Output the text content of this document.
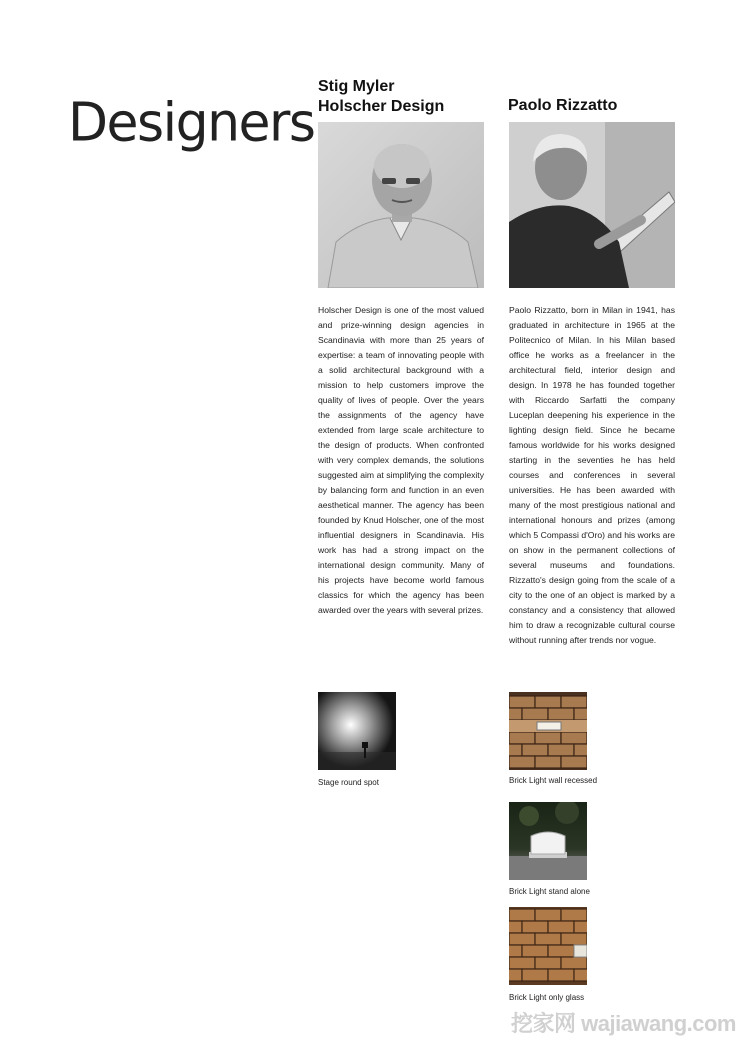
Designers
Stig Myler
Holscher Design

Holscher Design is one of the most valued and prize-winning design agencies in Scandinavia with more than 25 years of expertise: a team of innovating people with a solid architectural background with a mission to help customers improve the quality of lives of people. Over the years the assignments of the agency have extended from large scale architecture to the design of products. When confronted with very complex demands, the solutions suggested aim at simplifying the complexity by balancing form and function in an even aesthetical manner. The agency has been founded by Knud Holscher, one of the most influential designers in Scandinavia. His work has had a strong impact on the international design community. Many of his projects have become world famous classics for which the agency has been awarded over the years with several prizes.

Stage round spot
Paolo Rizzatto

Paolo Rizzatto, born in Milan in 1941, has graduated in architecture in 1965 at the Politecnico of Milan. In his Milan based office he works as a freelancer in the architectural field, interior design and design. In 1978 he has founded together with Riccardo Sarfatti the company Luceplan deepening his experience in the lighting design field. Since he became famous worldwide for his works designed starting in the seventies he has held courses and conferences in several universities. He has been awarded with many of the most prestigious national and international honours and prizes (among which 5 Compassi d'Oro) and his works are on show in the permanent collections of several museums and foundations. Rizzatto's design going from the scale of a city to the one of an object is marked by a constancy and a consistency that allowed him to draw a recognizable cultural course without running after trends nor vogue.

Brick Light wall recessed
Brick Light stand alone
Brick Light only glass
挖家网 wajiawang.com
